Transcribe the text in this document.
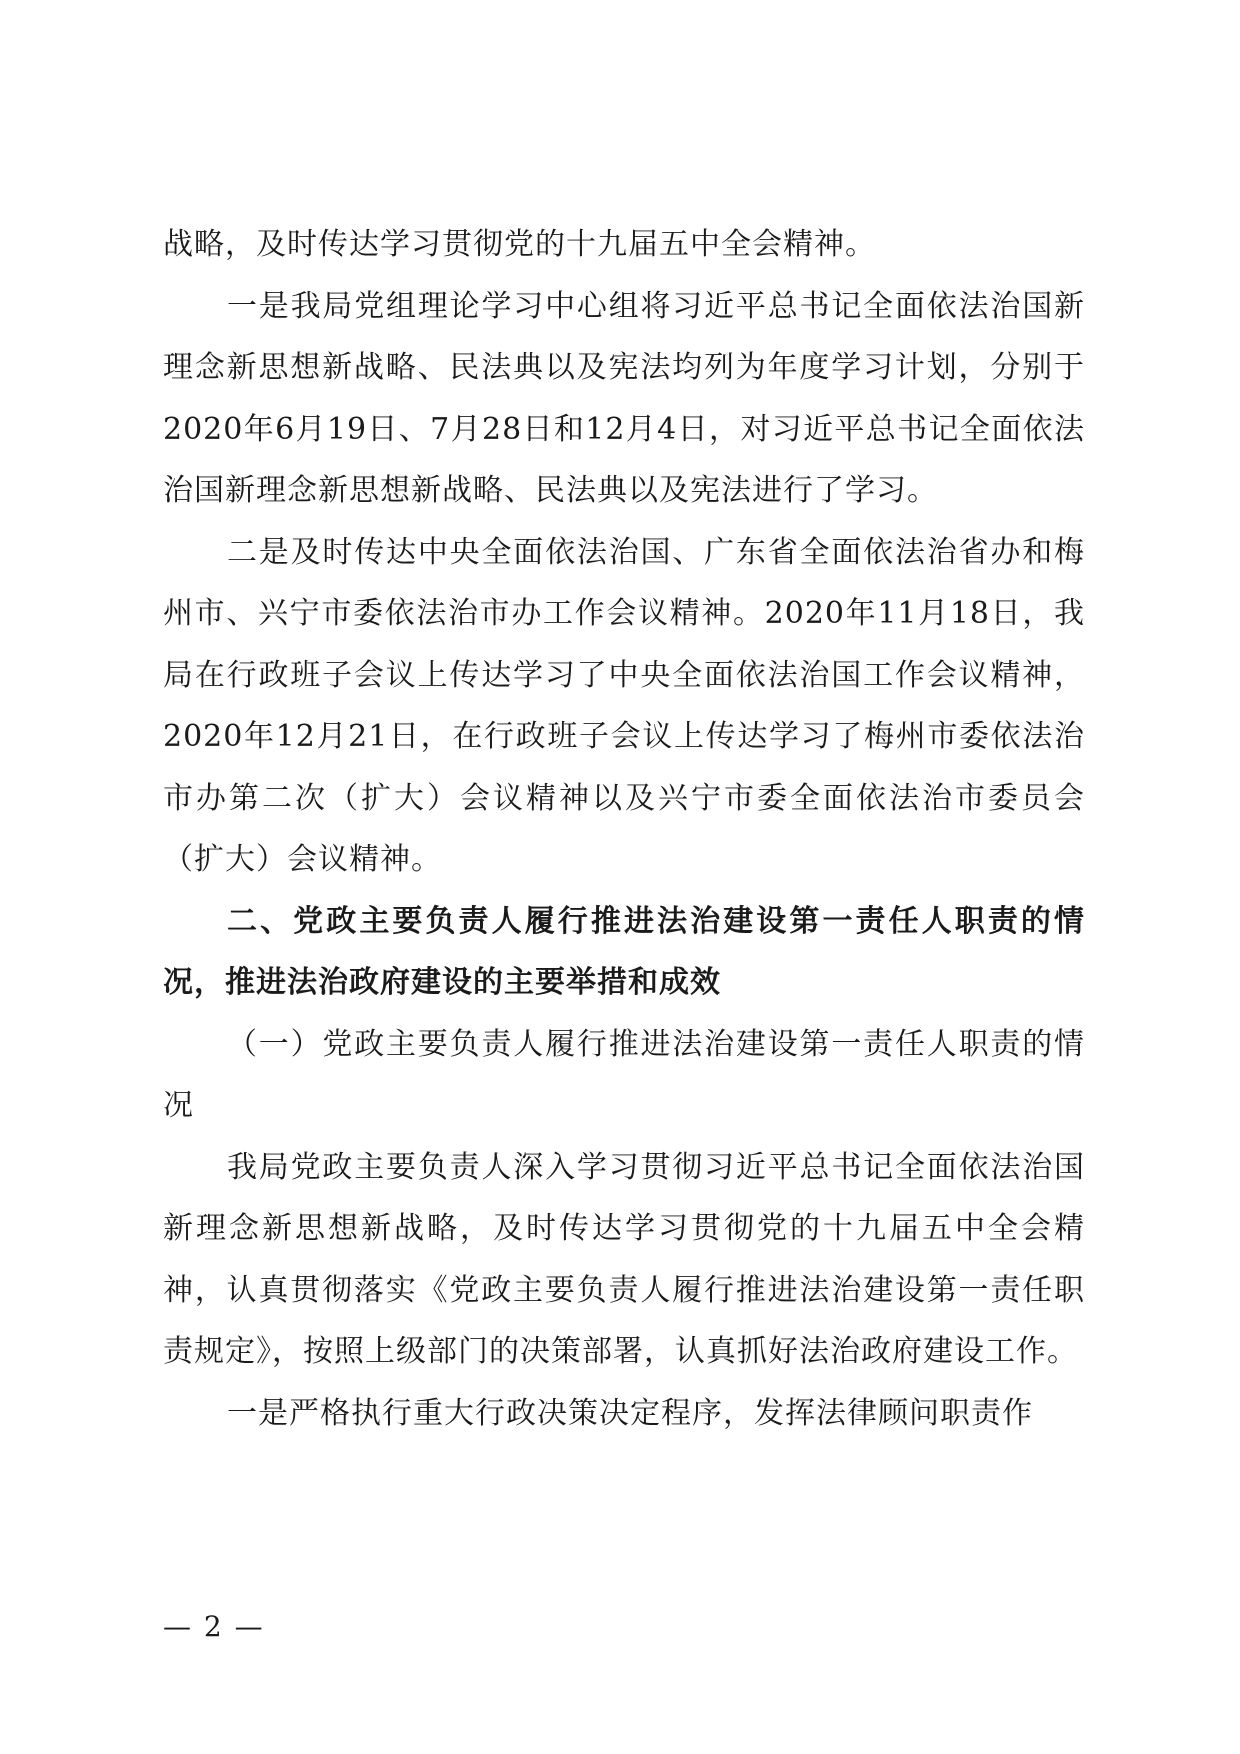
战略，及时传达学习贯彻党的十九届五中全会精神。

一是我局党组理论学习中心组将习近平总书记全面依法治国新理念新思想新战略、民法典以及宪法均列为年度学习计划，分别于2020年6月19日、7月28日和12月4日，对习近平总书记全面依法治国新理念新思想新战略、民法典以及宪法进行了学习。

二是及时传达中央全面依法治国、广东省全面依法治省办和梅州市、兴宁市委依法治市办工作会议精神。2020年11月18日，我局在行政班子会议上传达学习了中央全面依法治国工作会议精神，2020年12月21日，在行政班子会议上传达学习了梅州市委依法治市办第二次（扩大）会议精神以及兴宁市委全面依法治市委员会（扩大）会议精神。

二、党政主要负责人履行推进法治建设第一责任人职责的情况，推进法治政府建设的主要举措和成效

（一）党政主要负责人履行推进法治建设第一责任人职责的情况

我局党政主要负责人深入学习贯彻习近平总书记全面依法治国新理念新思想新战略，及时传达学习贯彻党的十九届五中全会精神，认真贯彻落实《党政主要负责人履行推进法治建设第一责任职责规定》，按照上级部门的决策部署，认真抓好法治政府建设工作。

一是严格执行重大行政决策决定程序，发挥法律顾问职责作

— 2 —
